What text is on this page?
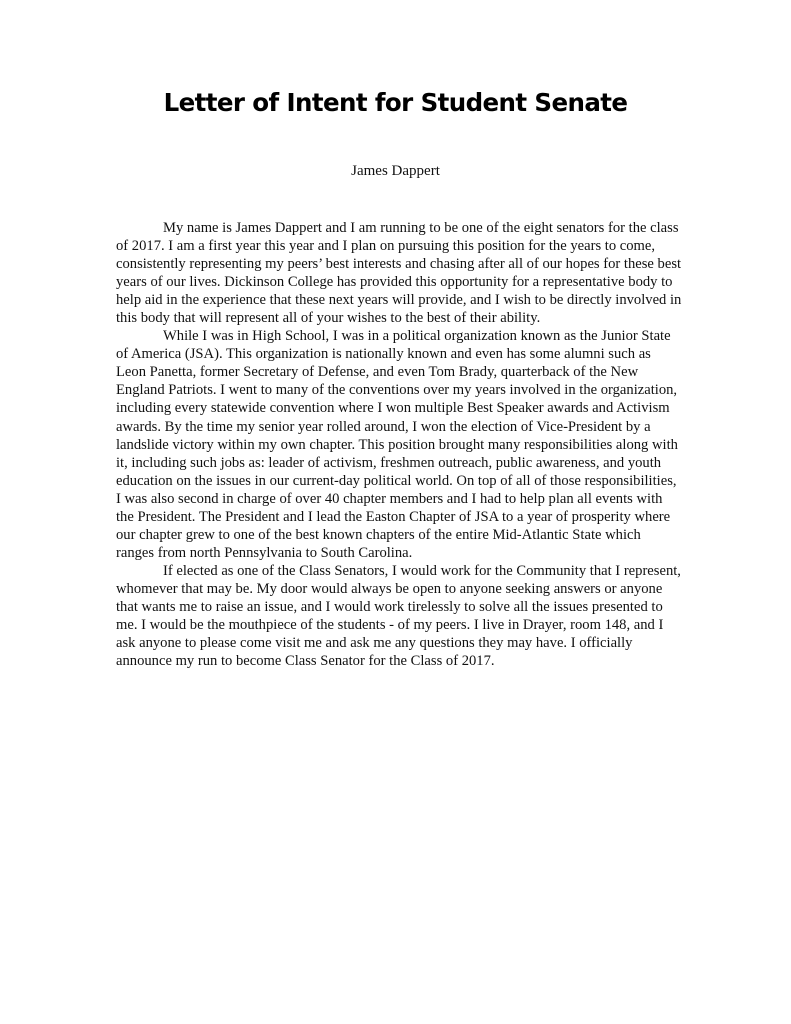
Letter of Intent for Student Senate

James Dappert

My name is James Dappert and I am running to be one of the eight senators for the class of 2017. I am a first year this year and I plan on pursuing this position for the years to come, consistently representing my peers’ best interests and chasing after all of our hopes for these best years of our lives. Dickinson College has provided this opportunity for a representative body to help aid in the experience that these next years will provide, and I wish to be directly involved in this body that will represent all of your wishes to the best of their ability.

While I was in High School, I was in a political organization known as the Junior State of America (JSA). This organization is nationally known and even has some alumni such as Leon Panetta, former Secretary of Defense, and even Tom Brady, quarterback of the New England Patriots. I went to many of the conventions over my years involved in the organization, including every statewide convention where I won multiple Best Speaker awards and Activism awards. By the time my senior year rolled around, I won the election of Vice-President by a landslide victory within my own chapter. This position brought many responsibilities along with it, including such jobs as: leader of activism, freshmen outreach, public awareness, and youth education on the issues in our current-day political world. On top of all of those responsibilities, I was also second in charge of over 40 chapter members and I had to help plan all events with the President. The President and I lead the Easton Chapter of JSA to a year of prosperity where our chapter grew to one of the best known chapters of the entire Mid-Atlantic State which ranges from north Pennsylvania to South Carolina.

If elected as one of the Class Senators, I would work for the Community that I represent, whomever that may be. My door would always be open to anyone seeking answers or anyone that wants me to raise an issue, and I would work tirelessly to solve all the issues presented to me. I would be the mouthpiece of the students - of my peers. I live in Drayer, room 148, and I ask anyone to please come visit me and ask me any questions they may have. I officially announce my run to become Class Senator for the Class of 2017.
